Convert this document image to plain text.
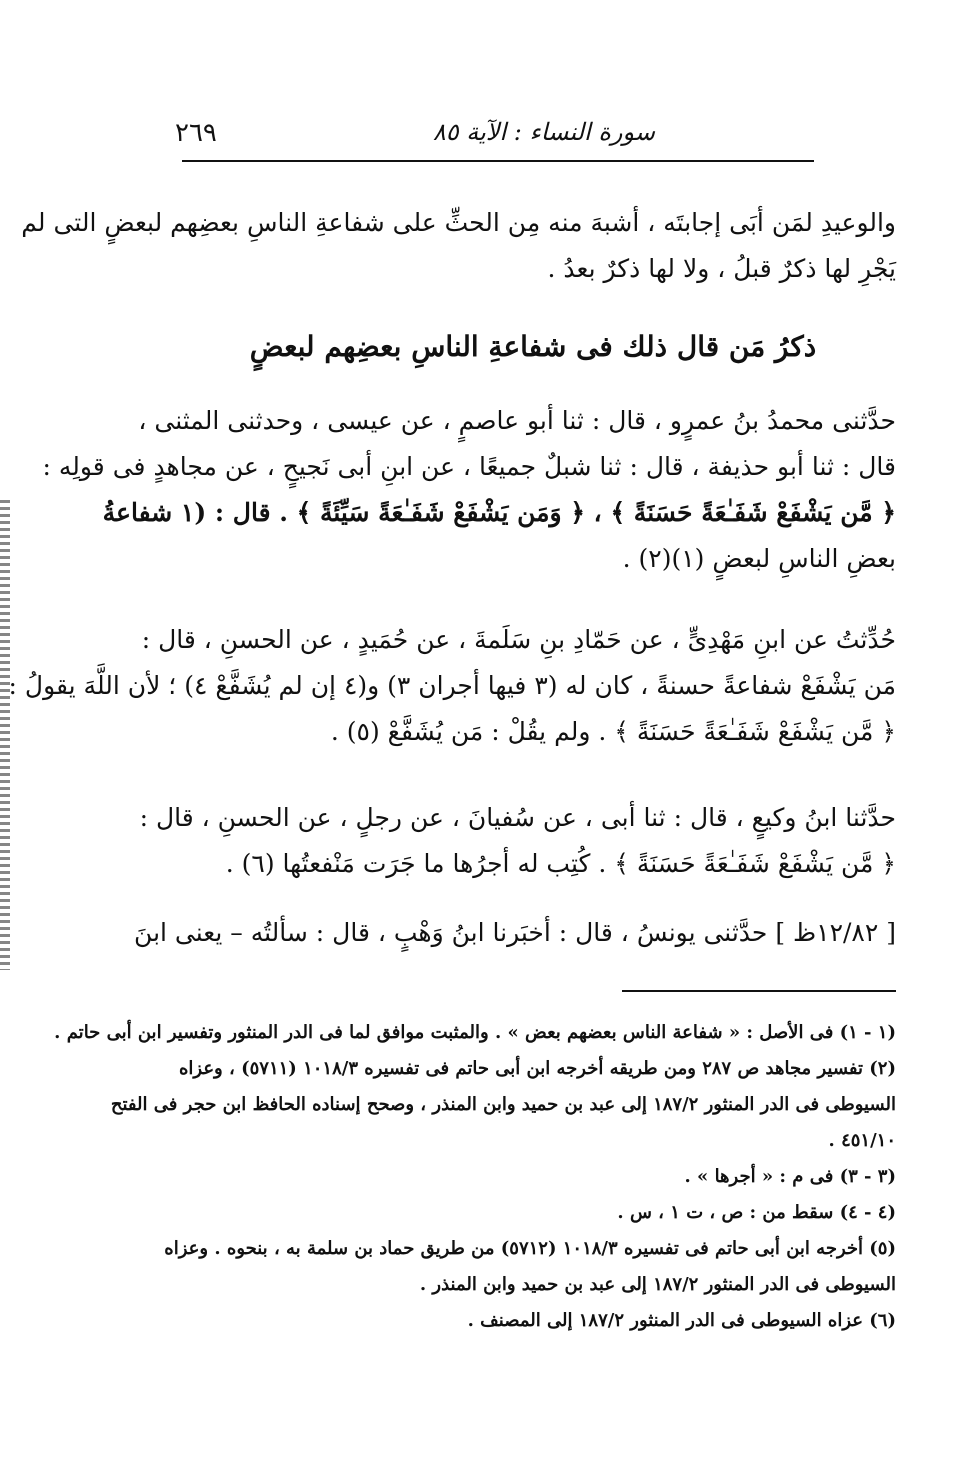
سورة النساء : الآية ٨٥
٢٦٩
والوعيدِ لمَن أبَى إجابتَه ، أشبهَ منه مِن الحثِّ على شفاعةِ الناسِ بعضِهم لبعضٍ التى لم
يَجْرِ لها ذكرٌ قبلُ ، ولا لها ذكرٌ بعدُ .
ذكرُ مَن قال ذلك فى شفاعةِ الناسِ بعضِهم لبعضٍ
حدَّثنى محمدُ بنُ عمرٍو ، قال : ثنا أبو عاصمٍ ، عن عيسى ، وحدثنى المثنى ،
قال : ثنا أبو حذيفة ، قال : ثنا شبلٌ جميعًا ، عن ابنِ أبى نَجيحٍ ، عن مجاهدٍ فى قولِه :
﴿ مَّن يَشْفَعْ شَفَـٰعَةً حَسَنَةً ﴾ ، ﴿ وَمَن يَشْفَعْ شَفَـٰعَةً سَيِّئَةً ﴾ . قال : (١ شفاعةُ
بعضِ الناسِ لبعضٍ (١)(٢) .
حُدِّثتُ عن ابنِ مَهْدِىٍّ ، عن حَمّادِ بنِ سَلَمةَ ، عن حُمَيدٍ ، عن الحسنِ ، قال :
مَن يَشْفَعْ شفاعةً حسنةً ، كان له (٣ فيها أجران ٣) و(٤ إن لم يُشَفَّعْ ٤) ؛ لأن اللَّهَ يقولُ :
﴿ مَّن يَشْفَعْ شَفَـٰعَةً حَسَنَةً ﴾ . ولم يقُلْ : مَن يُشَفَّعْ (٥) .
حدَّثنا ابنُ وكيعٍ ، قال : ثنا أبى ، عن سُفيانَ ، عن رجلٍ ، عن الحسنِ ، قال :
﴿ مَّن يَشْفَعْ شَفَـٰعَةً حَسَنَةً ﴾ . كُتِب له أجرُها ما جَرَت مَنْفعتُها (٦) .
[ ١٢/٨٢ظ ] حدَّثنى يونسُ ، قال : أخبَرنا ابنُ وَهْبٍ ، قال : سألتُه – يعنى ابنَ
(١ - ١) فى الأصل : « شفاعة الناس بعضهم بعض » . والمثبت موافق لما فى الدر المنثور وتفسير ابن أبى حاتم .
(٢) تفسير مجاهد ص ٢٨٧ ومن طريقه أخرجه ابن أبى حاتم فى تفسيره ١٠١٨/٣ (٥٧١١) ، وعزاه
السيوطى فى الدر المنثور ١٨٧/٢ إلى عبد بن حميد وابن المنذر ، وصحح إسناده الحافظ ابن حجر فى الفتح
٤٥١/١٠ .
(٣ - ٣) فى م : « أجرها » .
(٤ - ٤) سقط من : ص ، ت ١ ، س .
(٥) أخرجه ابن أبى حاتم فى تفسيره ١٠١٨/٣ (٥٧١٢) من طريق حماد بن سلمة به ، بنحوه . وعزاه
السيوطى فى الدر المنثور ١٨٧/٢ إلى عبد بن حميد وابن المنذر .
(٦) عزاه السيوطى فى الدر المنثور ١٨٧/٢ إلى المصنف .
